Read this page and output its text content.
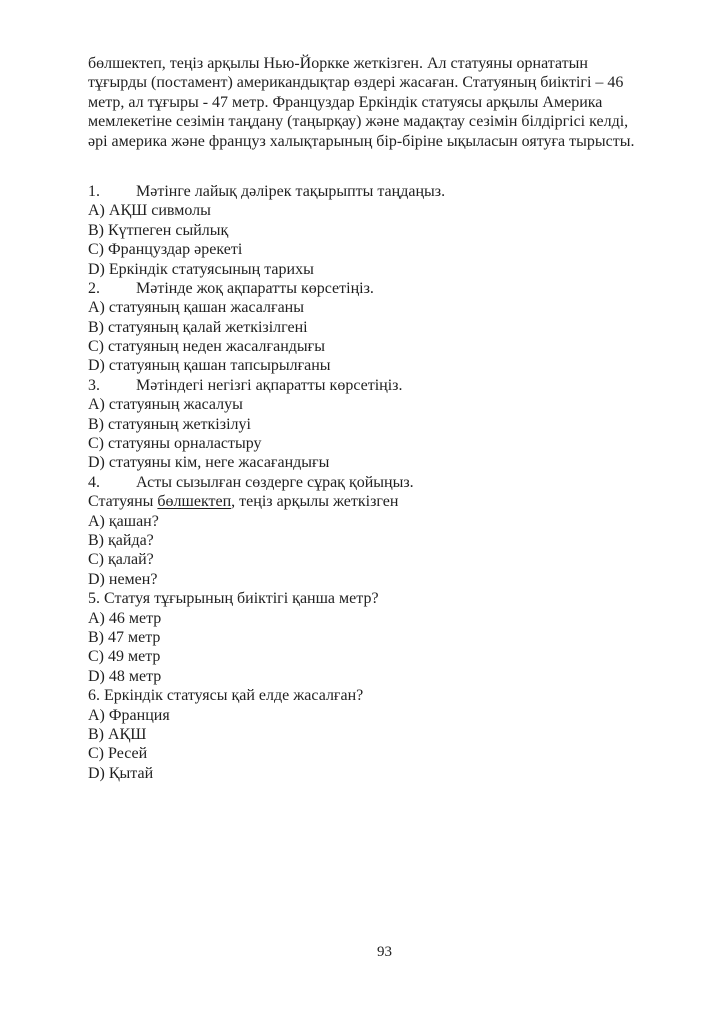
бөлшектеп, теңіз арқылы Нью-Йоркке жеткізген. Ал статуяны орнататын
тұғырды (постамент) американдықтар өздері жасаған. Статуяның биіктігі – 46
метр, ал тұғыры - 47 метр. Француздар Еркіндік статуясы арқылы Америка
мемлекетіне сезімін таңдану (таңырқау) және мадақтау сезімін білдіргісі келді,
әрі америка және француз халықтарының бір-біріне ықыласын оятуға тырысты.
1. Мәтінге лайық дәлірек тақырыпты таңдаңыз.
A) АҚШ сивмолы
B) Күтпеген сыйлық
C) Француздар әрекеті
D) Еркіндік статуясының тарихы
2. Мәтінде жоқ ақпаратты көрсетіңіз.
A) статуяның қашан жасалғаны
B) статуяның қалай жеткізілгені
C) статуяның неден жасалғандығы
D) статуяның қашан тапсырылғаны
3. Мәтіндегі негізгі ақпаратты көрсетіңіз.
A) статуяның жасалуы
B) статуяның жеткізілуі
C) статуяны орналастыру
D) статуяны кім, неге жасағандығы
4. Асты сызылған сөздерге сұрақ қойыңыз.
Статуяны бөлшектеп, теңіз арқылы жеткізген
A) қашан?
B) қайда?
C) қалай?
D) немен?
5. Статуя тұғырының биіктігі қанша метр?
A) 46 метр
B) 47 метр
C) 49 метр
D) 48 метр
6. Еркіндік статуясы қай елде жасалған?
A) Франция
B) АҚШ
C) Ресей
D) Қытай
93
